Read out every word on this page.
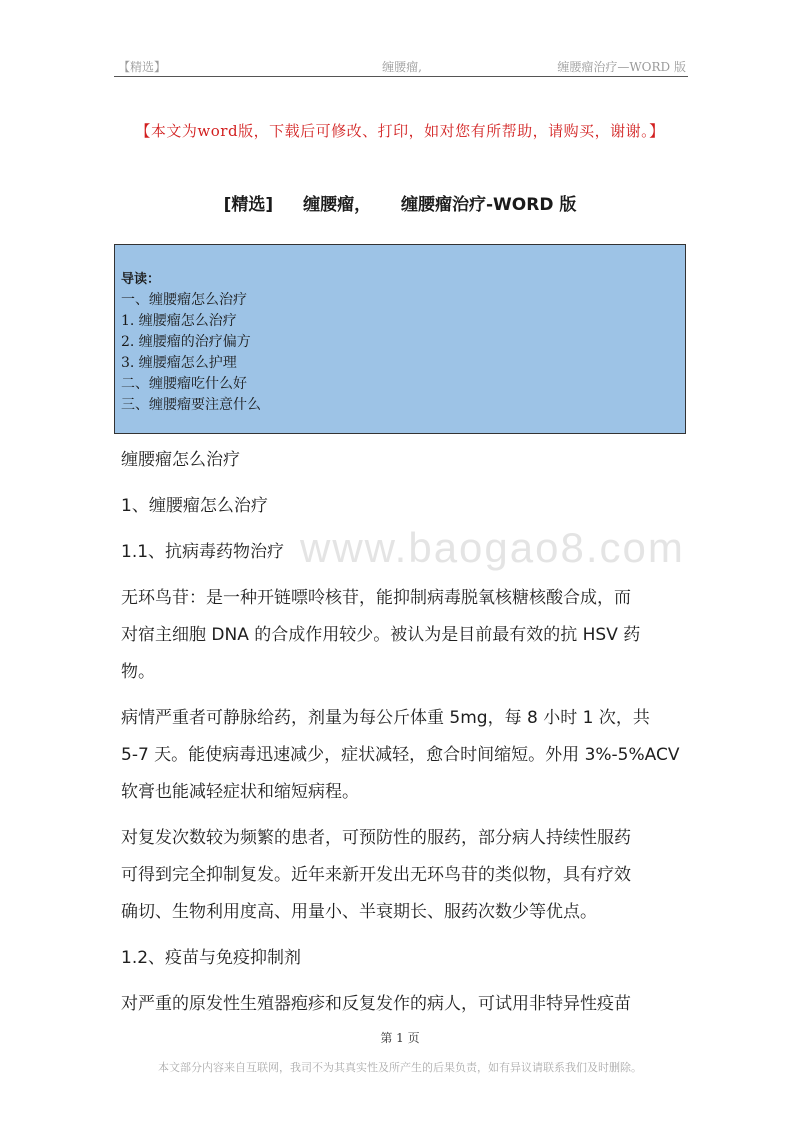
【精选】	缠腰瘤,	缠腰瘤治疗—WORD 版
【本文为word版，下载后可修改、打印，如对您有所帮助，请购买，谢谢。】
[精选] 缠腰瘤， 缠腰瘤治疗-WORD 版
导读：
一、缠腰瘤怎么治疗
1. 缠腰瘤怎么治疗
2. 缠腰瘤的治疗偏方
3. 缠腰瘤怎么护理
二、缠腰瘤吃什么好
三、缠腰瘤要注意什么
www.baogao8.com

缠腰瘤怎么治疗

1、缠腰瘤怎么治疗

1.1、抗病毒药物治疗

无环鸟苷：是一种开链嘌呤核苷，能抑制病毒脱氧核糖核酸合成，而

对宿主细胞 DNA 的合成作用较少。被认为是目前最有效的抗 HSV 药

物。

病情严重者可静脉给药，剂量为每公斤体重 5mg，每 8 小时 1 次，共

5-7 天。能使病毒迅速减少，症状减轻，愈合时间缩短。外用 3%-5%ACV

软膏也能减轻症状和缩短病程。

对复发次数较为频繁的患者，可预防性的服药，部分病人持续性服药

可得到完全抑制复发。近年来新开发出无环鸟苷的类似物，具有疗效

确切、生物利用度高、用量小、半衰期长、服药次数少等优点。

1.2、疫苗与免疫抑制剂

对严重的原发性生殖器疱疹和反复发作的病人，可试用非特异性疫苗

第 1 页
本文部分内容来自互联网，我司不为其真实性及所产生的后果负责，如有异议请联系我们及时删除。
